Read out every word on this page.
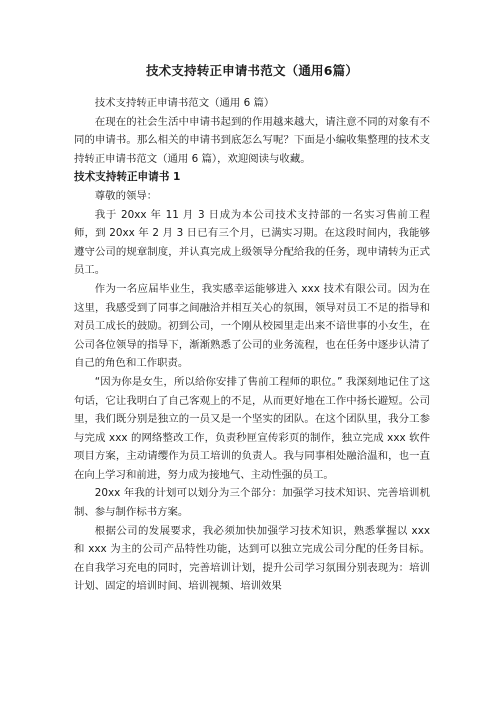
技术支持转正申请书范文（通用6篇）

技术支持转正申请书范文（通用 6 篇）

在现在的社会生活中申请书起到的作用越来越大，请注意不同的对象有不同的申请书。那么相关的申请书到底怎么写呢？下面是小编收集整理的技术支持转正申请书范文（通用 6 篇），欢迎阅读与收藏。

技术支持转正申请书 1

尊敬的领导：

我于 20xx 年 11 月 3 日成为本公司技术支持部的一名实习售前工程师，到 20xx 年 2 月 3 日已有三个月，已满实习期。在这段时间内，我能够遵守公司的规章制度，并认真完成上级领导分配给我的任务，现申请转为正式员工。

作为一名应届毕业生，我实感幸运能够进入 xxx 技术有限公司。因为在这里，我感受到了同事之间融洽并相互关心的氛围，领导对员工不足的指导和对员工成长的鼓励。初到公司，一个刚从校园里走出来不谙世事的小女生，在公司各位领导的指导下，渐渐熟悉了公司的业务流程，也在任务中逐步认清了自己的角色和工作职责。

“因为你是女生，所以给你安排了售前工程师的职位。” 我深刻地记住了这句话，它让我明白了自己客观上的不足，从而更好地在工作中扬长避短。公司里，我们既分别是独立的一员又是一个坚实的团队。在这个团队里，我分工参与完成 xxx 的网络整改工作，负责秒匣宣传彩页的制作，独立完成 xxx 软件项目方案，主动请缨作为员工培训的负责人。我与同事相处融洽温和，也一直在向上学习和前进，努力成为接地气、主动性强的员工。

20xx 年我的计划可以划分为三个部分：加强学习技术知识、完善培训机制、参与制作标书方案。

根据公司的发展要求，我必须加快加强学习技术知识，熟悉掌握以 xxx 和 xxx 为主的公司产品特性功能，达到可以独立完成公司分配的任务目标。在自我学习充电的同时，完善培训计划，提升公司学习氛围分别表现为：培训计划、固定的培训时间、培训视频、培训效果
